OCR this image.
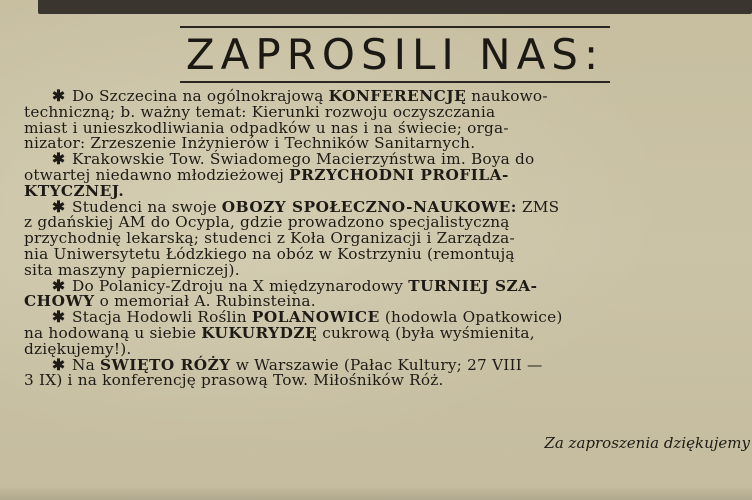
ZAPROSILI NAS:
✱ Do Szczecina na ogólnokrajową KONFERENCJĘ naukowo-
techniczną; b. ważny temat: Kierunki rozwoju oczyszczania
miast i unieszkodliwiania odpadków u nas i na świecie; orga-
nizator: Zrzeszenie Inżynierów i Techników Sanitarnych.
✱ Krakowskie Tow. Świadomego Macierzyństwa im. Boya do
otwartej niedawno młodzieżowej PRZYCHODNI PROFILA-
KTYCZNEJ.
✱ Studenci na swoje OBOZY SPOŁECZNO-NAUKOWE: ZMS
z gdańskiej AM do Ocypla, gdzie prowadzono specjalistyczną
przychodnię lekarską; studenci z Koła Organizacji i Zarządza-
nia Uniwersytetu Łódzkiego na obóz w Kostrzyniu (remontują
sita maszyny papierniczej).
✱ Do Polanicy-Zdroju na X międzynarodowy TURNIEJ SZA-
CHOWY o memoriał A. Rubinsteina.
✱ Stacja Hodowli Roślin POLANOWICE (hodowla Opatkowice)
na hodowaną u siebie KUKURYDZĘ cukrową (była wyśmienita,
dziękujemy!).
✱ Na ŚWIĘTO RÓŻY w Warszawie (Pałac Kultury; 27 VIII —
3 IX) i na konferencję prasową Tow. Miłośników Róż.
Za zaproszenia dziękujemy
